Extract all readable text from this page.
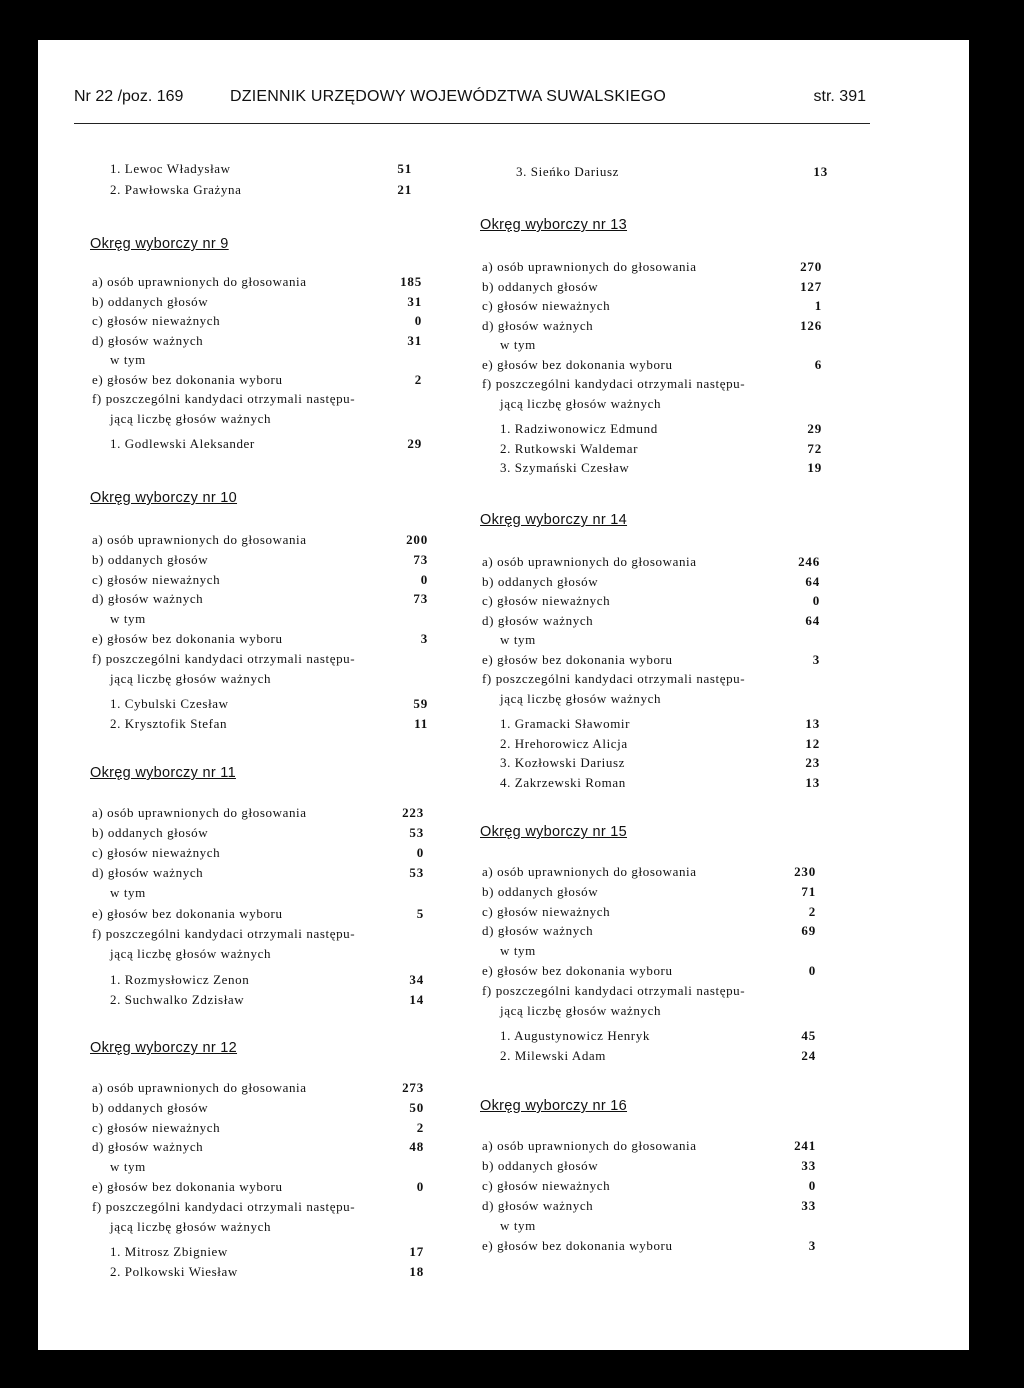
Nr 22 /poz. 169	DZIENNIK URZĘDOWY WOJEWÓDZTWA SUWALSKIEGO	str. 391
1. Lewoc Władysław	51
2. Pawłowska Grażyna	21
3. Sieńko Dariusz	13
Okręg wyborczy nr 9
a) osób uprawnionych do głosowania	185
b) oddanych głosów	31
c) głosów nieważnych	0
d) głosów ważnych	31
w tym
e) głosów bez dokonania wyboru	2
f) poszczególni kandydaci otrzymali następu-
jącą liczbę głosów ważnych
1. Godlewski Aleksander	29
Okręg wyborczy nr 10
a) osób uprawnionych do głosowania	200
b) oddanych głosów	73
c) głosów nieważnych	0
d) głosów ważnych	73
w tym
e) głosów bez dokonania wyboru	3
f) poszczególni kandydaci otrzymali następu-
jącą liczbę głosów ważnych
1. Cybulski Czesław	59
2. Krysztofik Stefan	11
Okręg wyborczy nr 11
a) osób uprawnionych do głosowania	223
b) oddanych głosów	53
c) głosów nieważnych	0
d) głosów ważnych	53
w tym
e) głosów bez dokonania wyboru	5
f) poszczególni kandydaci otrzymali następu-
jącą liczbę głosów ważnych
1. Rozmysłowicz Zenon	34
2. Suchwalko Zdzisław	14
Okręg wyborczy nr 12
a) osób uprawnionych do głosowania	273
b) oddanych głosów	50
c) głosów nieważnych	2
d) głosów ważnych	48
w tym
e) głosów bez dokonania wyboru	0
f) poszczególni kandydaci otrzymali następu-
jącą liczbę głosów ważnych
1. Mitrosz Zbigniew	17
2. Polkowski Wiesław	18
Okręg wyborczy nr 13
a) osób uprawnionych do głosowania	270
b) oddanych głosów	127
c) głosów nieważnych	1
d) głosów ważnych	126
w tym
e) głosów bez dokonania wyboru	6
f) poszczególni kandydaci otrzymali następu-
jącą liczbę głosów ważnych
1. Radziwonowicz Edmund	29
2. Rutkowski Waldemar	72
3. Szymański Czesław	19
Okręg wyborczy nr 14
a) osób uprawnionych do głosowania	246
b) oddanych głosów	64
c) głosów nieważnych	0
d) głosów ważnych	64
w tym
e) głosów bez dokonania wyboru	3
f) poszczególni kandydaci otrzymali następu-
jącą liczbę głosów ważnych
1. Gramacki Sławomir	13
2. Hrehorowicz Alicja	12
3. Kozłowski Dariusz	23
4. Zakrzewski Roman	13
Okręg wyborczy nr 15
a) osób uprawnionych do głosowania	230
b) oddanych głosów	71
c) głosów nieważnych	2
d) głosów ważnych	69
w tym
e) głosów bez dokonania wyboru	0
f) poszczególni kandydaci otrzymali następu-
jącą liczbę głosów ważnych
1. Augustynowicz Henryk	45
2. Milewski Adam	24
Okręg wyborczy nr 16
a) osób uprawnionych do głosowania	241
b) oddanych głosów	33
c) głosów nieważnych	0
d) głosów ważnych	33
w tym
e) głosów bez dokonania wyboru	3
